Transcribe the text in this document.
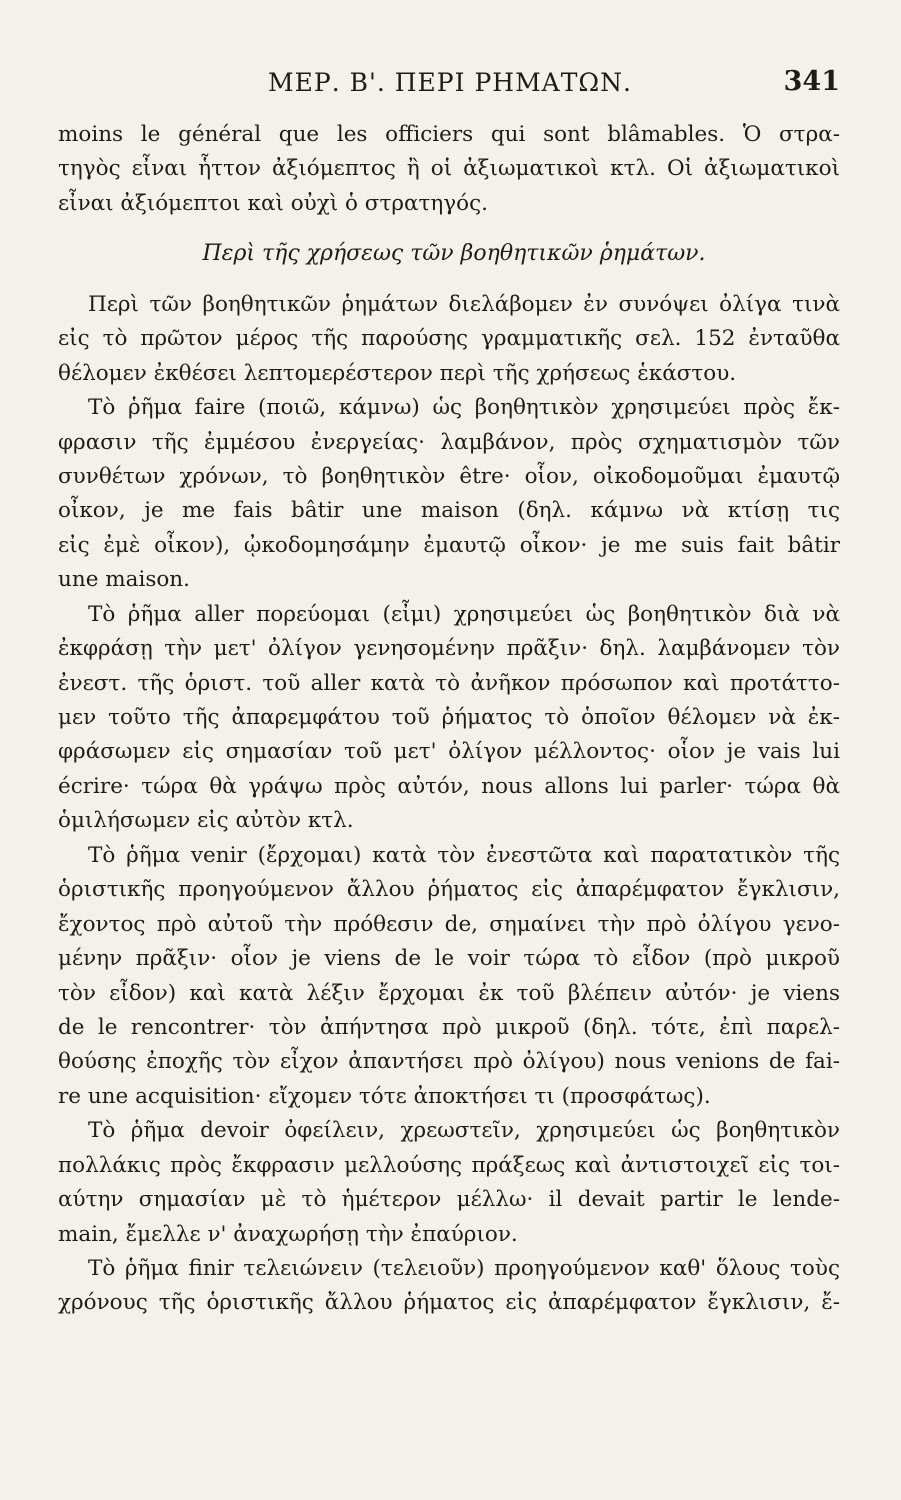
ΜΕΡ. Β'. ΠΕΡΙ ΡΗΜΑΤΩΝ.	341
moins le général que les officiers qui sont blâmables. Ὁ στρα-
τηγὸς εἶναι ἧττον ἀξιόμεπτος ἢ οἱ ἀξιωματικοὶ κτλ. Οἱ ἀξιωματικοὶ
εἶναι ἀξιόμεπτοι καὶ οὐχὶ ὁ στρατηγός.
Περὶ τῆς χρήσεως τῶν βοηθητικῶν ῥημάτων.
Περὶ τῶν βοηθητικῶν ῥημάτων διελάβομεν ἐν συνόψει ὀλίγα τινὰ
εἰς τὸ πρῶτον μέρος τῆς παρούσης γραμματικῆς σελ. 152 ἐνταῦθα
θέλομεν ἐκθέσει λεπτομερέστερον περὶ τῆς χρήσεως ἑκάστου.
Τὸ ῥῆμα faire (ποιῶ, κάμνω) ὡς βοηθητικὸν χρησιμεύει πρὸς ἔκ-
φρασιν τῆς ἐμμέσου ἐνεργείας· λαμβάνον, πρὸς σχηματισμὸν τῶν
συνθέτων χρόνων, τὸ βοηθητικὸν être· οἷον, οἰκοδομοῦμαι ἐμαυτῷ
οἶκον, je me fais bâtir une maison (δηλ. κάμνω νὰ κτίσῃ τις
εἰς ἐμὲ οἶκον), ᾠκοδομησάμην ἐμαυτῷ οἶκον· je me suis fait bâtir
une maison.
Τὸ ῥῆμα aller πορεύομαι (εἶμι) χρησιμεύει ὡς βοηθητικὸν διὰ νὰ
ἐκφράσῃ τὴν μετ' ὀλίγον γενησομένην πρᾶξιν· δηλ. λαμβάνομεν τὸν
ἐνεστ. τῆς ὁριστ. τοῦ aller κατὰ τὸ ἀνῆκον πρόσωπον καὶ προτάττο-
μεν τοῦτο τῆς ἀπαρεμφάτου τοῦ ῥήματος τὸ ὁποῖον θέλομεν νὰ ἐκ-
φράσωμεν εἰς σημασίαν τοῦ μετ' ὀλίγον μέλλοντος· οἷον je vais lui
écrire· τώρα θὰ γράψω πρὸς αὐτόν, nous allons lui parler· τώρα θὰ
ὁμιλήσωμεν εἰς αὐτὸν κτλ.
Τὸ ῥῆμα venir (ἔρχομαι) κατὰ τὸν ἐνεστῶτα καὶ παρατατικὸν τῆς
ὁριστικῆς προηγούμενον ἄλλου ῥήματος εἰς ἀπαρέμφατον ἔγκλισιν,
ἔχοντος πρὸ αὐτοῦ τὴν πρόθεσιν de, σημαίνει τὴν πρὸ ὀλίγου γενο-
μένην πρᾶξιν· οἷον je viens de le voir τώρα τὸ εἶδον (πρὸ μικροῦ
τὸν εἶδον) καὶ κατὰ λέξιν ἔρχομαι ἐκ τοῦ βλέπειν αὐτόν· je viens
de le rencontrer· τὸν ἀπήντησα πρὸ μικροῦ (δηλ. τότε, ἐπὶ παρελ-
θούσης ἐποχῆς τὸν εἶχον ἀπαντήσει πρὸ ὀλίγου) nous venions de fai-
re une acquisition· εἴχομεν τότε ἀποκτήσει τι (προσφάτως).
Τὸ ῥῆμα devoir ὀφείλειν, χρεωστεῖν, χρησιμεύει ὡς βοηθητικὸν
πολλάκις πρὸς ἔκφρασιν μελλούσης πράξεως καὶ ἀντιστοιχεῖ εἰς τοι-
αύτην σημασίαν μὲ τὸ ἡμέτερον μέλλω· il devait partir le lende-
main, ἔμελλε ν' ἀναχωρήσῃ τὴν ἐπαύριον.
Τὸ ῥῆμα finir τελειώνειν (τελειοῦν) προηγούμενον καθ' ὅλους τοὺς
χρόνους τῆς ὁριστικῆς ἄλλου ῥήματος εἰς ἀπαρέμφατον ἔγκλισιν, ἔ-
